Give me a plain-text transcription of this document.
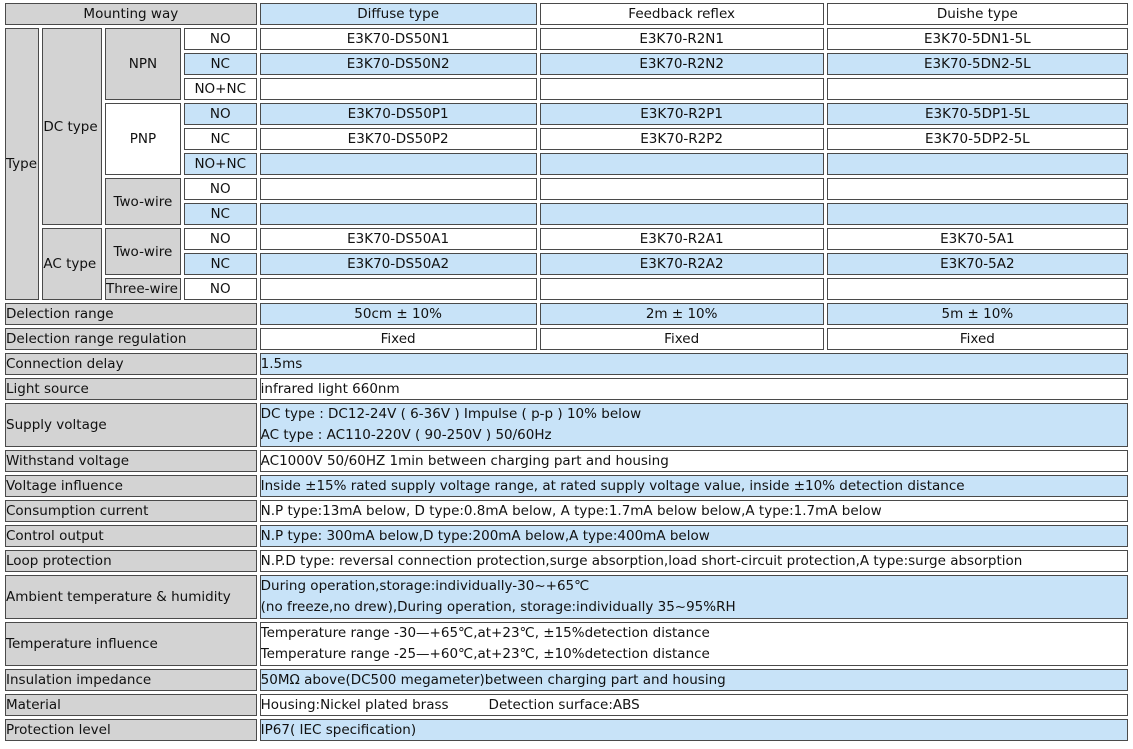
Mounting way				Diffuse type	Feedback reflex	Duishe type
Type	DC type	NPN	NO	E3K70-DS50N1	E3K70-R2N1	E3K70-5DN1-5L
			NC	E3K70-DS50N2	E3K70-R2N2	E3K70-5DN2-5L
			NO+NC			
		PNP	NO	E3K70-DS50P1	E3K70-R2P1	E3K70-5DP1-5L
			NC	E3K70-DS50P2	E3K70-R2P2	E3K70-5DP2-5L
			NO+NC			
		Two-wire	NO			
			NC			
	AC type	Two-wire	NO	E3K70-DS50A1	E3K70-R2A1	E3K70-5A1
			NC	E3K70-DS50A2	E3K70-R2A2	E3K70-5A2
		Three-wire	NO			
Delection range				50cm ± 10%	2m ± 10%	5m ± 10%
Delection range regulation				Fixed	Fixed	Fixed
Connection delay				1.5ms		
Light source				infrared light 660nm		
Supply voltage				DC type : DC12-24V ( 6-36V ) Impulse ( p-p ) 10% below
AC type : AC110-220V ( 90-250V ) 50/60Hz		

Withstand voltage				AC1000V 50/60HZ 1min between charging part and housing		
Voltage influence				Inside ±15% rated supply voltage range, at rated supply voltage value, inside ±10% detection distance		
Consumption current				N.P type:13mA below, D type:0.8mA below, A type:1.7mA below below,A type:1.7mA below		
Control output				N.P type: 300mA below,D type:200mA below,A type:400mA below		
Loop protection				N.P.D type: reversal connection protection,surge absorption,load short-circuit protection,A type:surge absorption		
Ambient temperature & humidity				During operation,storage:individually-30~+65℃
(no freeze,no drew),During operation, storage:individually 35~95%RH		

Temperature influence				Temperature range -30—+65℃,at+23℃, ±15%detection distance
Temperature range -25—+60℃,at+23℃, ±10%detection distance		

Insulation impedance				50MΩ above(DC500 megameter)between charging part and housing		
Material				Housing:Nickel plated brass Detection surface:ABS		
Protection level				IP67( IEC specification)		
